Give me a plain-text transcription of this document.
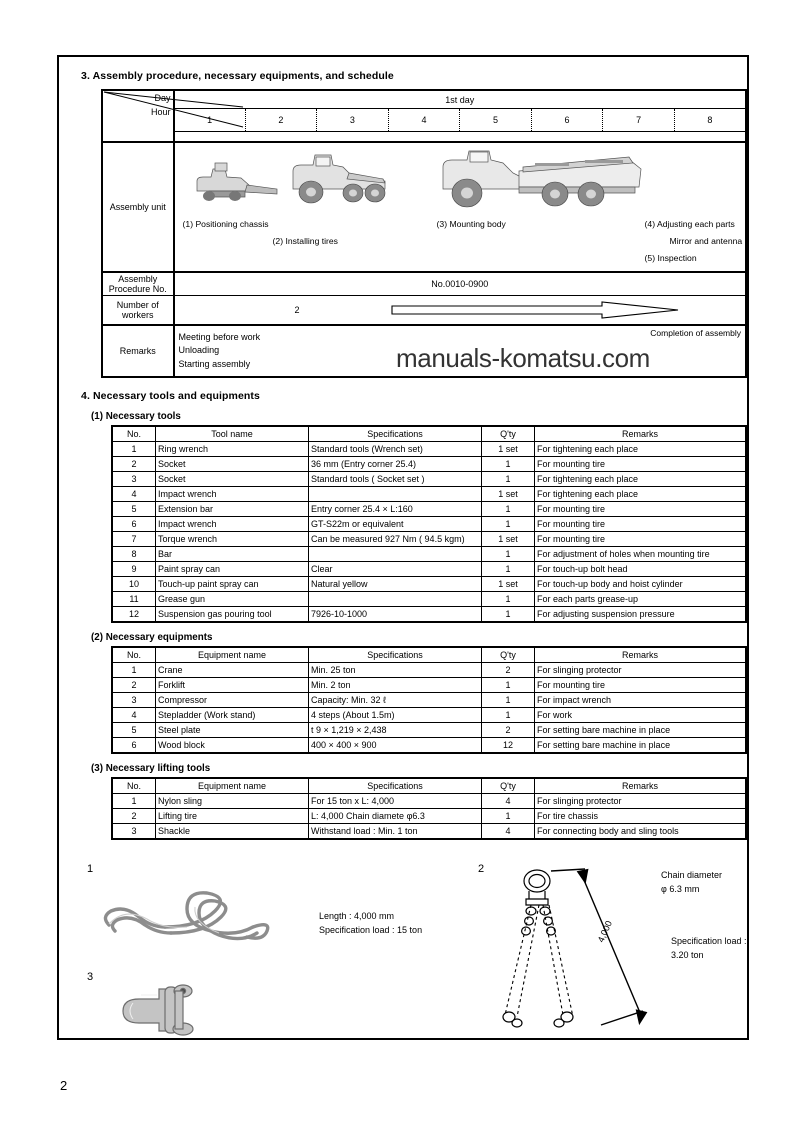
3. Assembly procedure, necessary equipments, and schedule
Day
Hour	1st day							
	1	2	3	4	5	6	7	8

Assembly unit	
(1) Positioning chassis
(2) Installing tires
(3) Mounting body	(4) Adjusting each parts
Mirror and antenna
(5) Inspection

Assembly Procedure No.	No.0010-0900							
Number of workers	2							

Remarks	Meeting before work
Unloading
Starting assembly
Completion of assembly							
4. Necessary tools and equipments
(1) Necessary tools
No.	Tool name	Specifications	Q'ty	Remarks
1	Ring wrench	Standard tools (Wrench set)	1 set	For tightening each place
2	Socket	36 mm (Entry corner 25.4)	1	For mounting tire
3	Socket	Standard tools ( Socket set )	1	For tightening each place
4	Impact wrench		1 set	For tightening each place
5	Extension bar	Entry corner 25.4 × L:160	1	For mounting tire
6	Impact wrench	GT-S22m or equivalent	1	For mounting tire
7	Torque wrench	Can be measured 927 Nm ( 94.5 kgm)	1 set	For mounting tire
8	Bar		1	For adjustment of holes when mounting tire
9	Paint spray can	Clear	1	For touch-up bolt head
10	Touch-up paint spray can	Natural yellow	1 set	For touch-up body and hoist cylinder
11	Grease gun		1	For each parts grease-up
12	Suspension gas pouring tool	7926-10-1000	1	For adjusting suspension pressure
(2) Necessary equipments
No.	Equipment name	Specifications	Q'ty	Remarks
1	Crane	Min. 25 ton	2	For slinging protector
2	Forklift	Min. 2 ton	1	For mounting tire
3	Compressor	Capacity: Min. 32 ℓ	1	For impact wrench
4	Stepladder (Work stand)	4 steps (About 1.5m)	1	For work
5	Steel plate	t 9 × 1,219 × 2,438	2	For setting bare machine in place
6	Wood block	400 × 400 × 900	12	For setting bare machine in place
(3) Necessary lifting tools
No.	Equipment name	Specifications	Q'ty	Remarks
1	Nylon sling	For 15 ton x L: 4,000	4	For slinging protector
2	Lifting tire	L: 4,000 Chain diamete φ6.3	1	For tire chassis
3	Shackle	Withstand load : Min. 1 ton	4	For connecting body and sling tools
1
Length : 4,000 mm
Specification load : 15 ton
3
2
4,000
Chain diameter
φ 6.3 mm
Specification load :
3.20 ton
manuals-komatsu.com
2
